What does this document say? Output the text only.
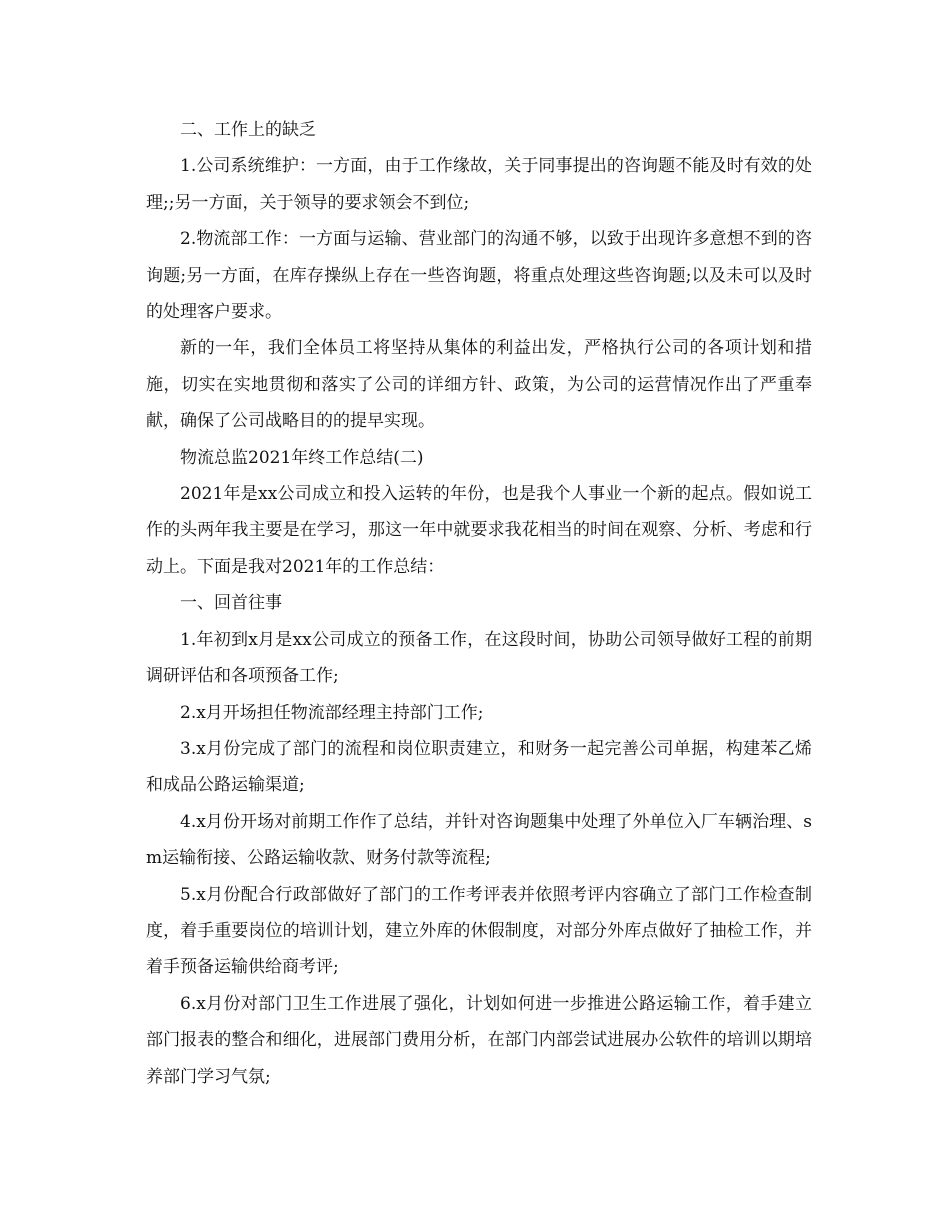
二、工作上的缺乏

1.公司系统维护：一方面，由于工作缘故，关于同事提出的咨询题不能及时有效的处理;;另一方面，关于领导的要求领会不到位;

2.物流部工作：一方面与运输、营业部门的沟通不够，以致于出现许多意想不到的咨询题;另一方面，在库存操纵上存在一些咨询题，将重点处理这些咨询题;以及未可以及时的处理客户要求。

新的一年，我们全体员工将坚持从集体的利益出发，严格执行公司的各项计划和措施，切实在实地贯彻和落实了公司的详细方针、政策，为公司的运营情况作出了严重奉献，确保了公司战略目的的提早实现。

物流总监2021年终工作总结(二)

2021年是xx公司成立和投入运转的年份，也是我个人事业一个新的起点。假如说工作的头两年我主要是在学习，那这一年中就要求我花相当的时间在观察、分析、考虑和行动上。下面是我对2021年的工作总结：

一、回首往事

1.年初到x月是xx公司成立的预备工作，在这段时间，协助公司领导做好工程的前期调研评估和各项预备工作;

2.x月开场担任物流部经理主持部门工作;

3.x月份完成了部门的流程和岗位职责建立，和财务一起完善公司单据，构建苯乙烯和成品公路运输渠道;

4.x月份开场对前期工作作了总结，并针对咨询题集中处理了外单位入厂车辆治理、sm运输衔接、公路运输收款、财务付款等流程;

5.x月份配合行政部做好了部门的工作考评表并依照考评内容确立了部门工作检查制度，着手重要岗位的培训计划，建立外库的休假制度，对部分外库点做好了抽检工作，并着手预备运输供给商考评;

6.x月份对部门卫生工作进展了强化，计划如何进一步推进公路运输工作，着手建立部门报表的整合和细化，进展部门费用分析，在部门内部尝试进展办公软件的培训以期培养部门学习气氛;
